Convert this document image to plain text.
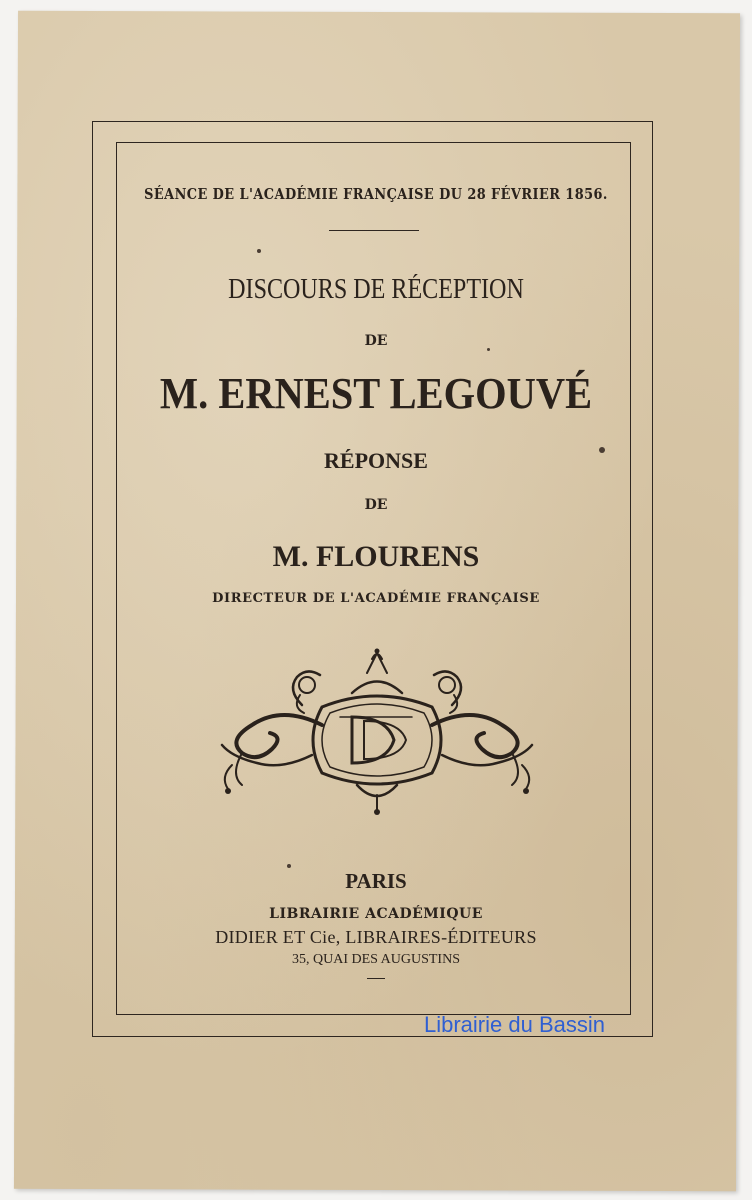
SÉANCE DE L'ACADÉMIE FRANÇAISE DU 28 FÉVRIER 1856.
DISCOURS DE RÉCEPTION
DE
M. ERNEST LEGOUVÉ
RÉPONSE
DE
M. FLOURENS
DIRECTEUR DE L'ACADÉMIE FRANÇAISE
PARIS
LIBRAIRIE ACADÉMIQUE
DIDIER ET Cie, LIBRAIRES-ÉDITEURS
35, QUAI DES AUGUSTINS
Librairie du Bassin
